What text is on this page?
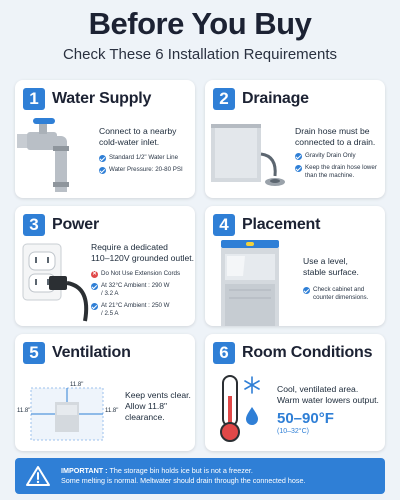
Before You Buy
Check These 6 Installation Requirements
1 Water Supply
Connect to a nearby
cold-water inlet.
Standard 1/2" Water Line
Water Pressure: 20-80 PSI
2 Drainage
Drain hose must be
connected to a drain.
Gravity Drain Only
Keep the drain hose lower than the machine.
3 Power
Require a dedicated
110–120V grounded outlet.
✕ Do Not Use Extension Cords
At 32°C Ambient : 290 W / 3.2 A
At 21°C Ambient : 250 W / 2.5 A
4 Placement
Use a level,
stable surface.
Check cabinet and counter dimensions.
5 Ventilation
11.8"
11.8"	11.8"
Keep vents clear.
Allow 11.8"
clearance.
6 Room Conditions
Cool, ventilated area.
Warm water lowers output.
50–90°F
(10–32°C)
IMPORTANT : The storage bin holds ice but is not a freezer.
Some melting is normal. Meltwater should drain through the connected hose.
